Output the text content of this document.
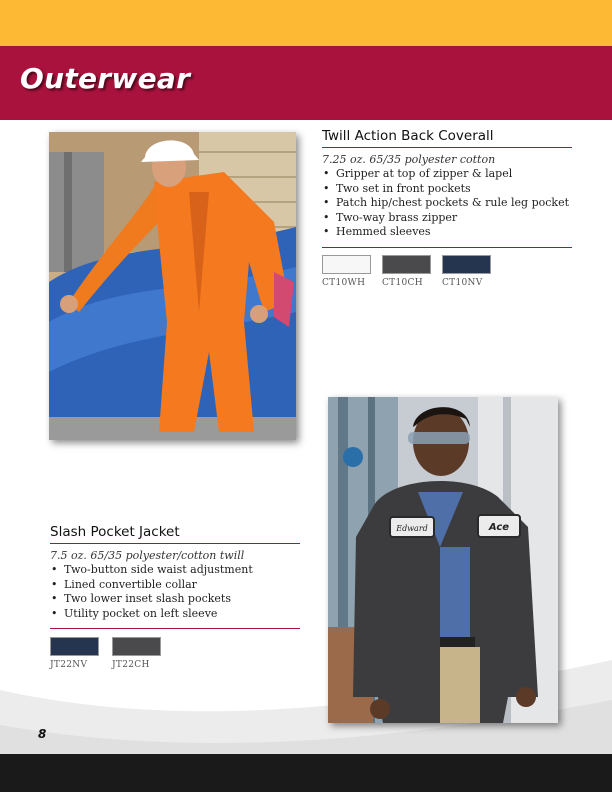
Outerwear
Twill Action Back Coverall
7.25 oz. 65/35 polyester cotton
• Gripper at top of zipper & lapel
• Two set in front pockets
• Patch hip/chest pockets & rule leg pocket
• Two-way brass zipper
• Hemmed sleeves
CT10WH CT10CH CT10NV
Edward	Ace
Slash Pocket Jacket
7.5 oz. 65/35 polyester/cotton twill
• Two-button side waist adjustment
• Lined convertible collar
• Two lower inset slash pockets
• Utility pocket on left sleeve
JT22NV	JT22CH
8
